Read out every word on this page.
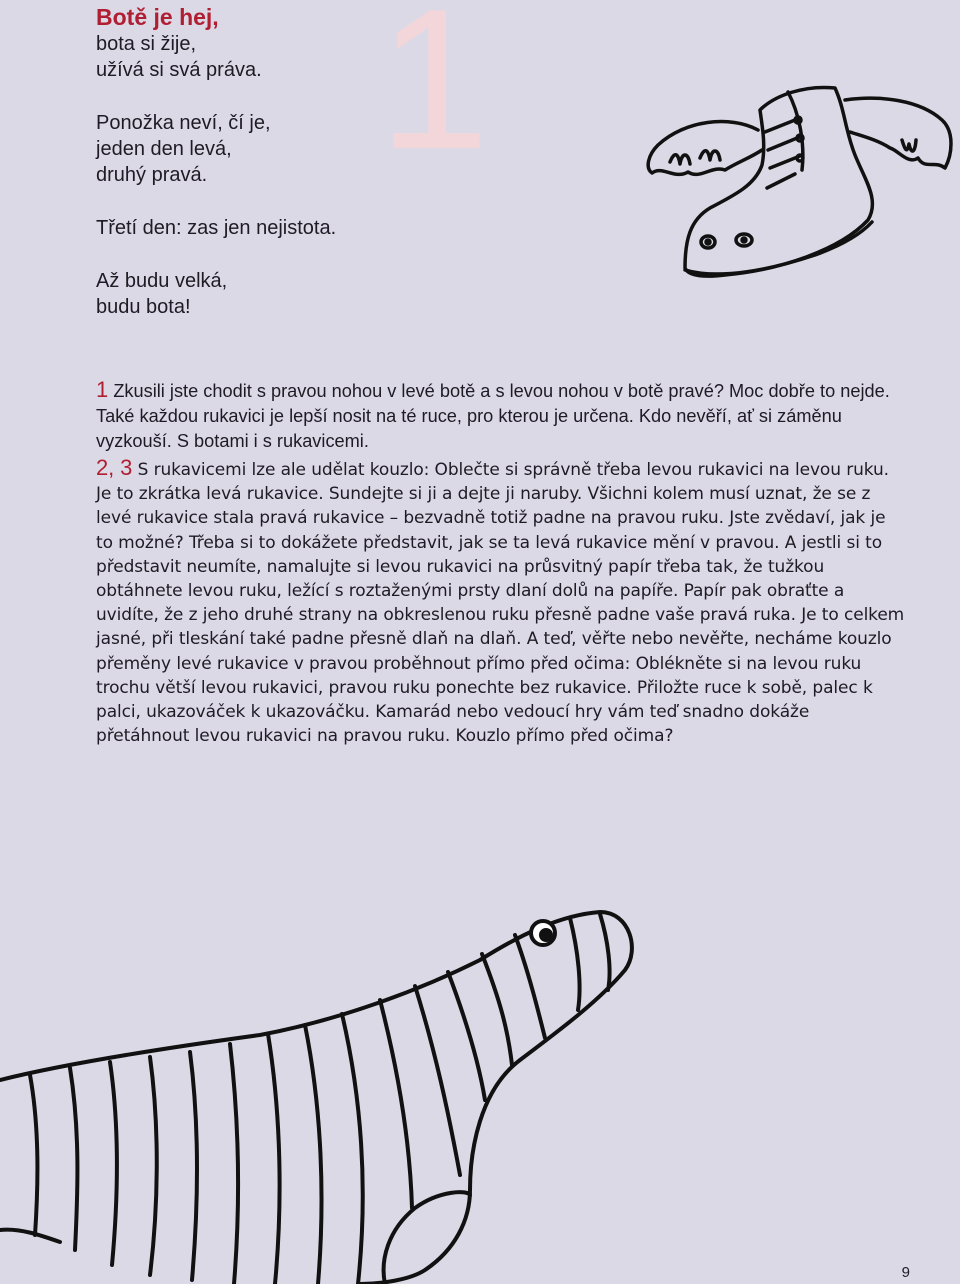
1
Botě je hej,
bota si žije,
užívá si svá práva.
Ponožka neví, čí je,
jeden den levá,
druhý pravá.
Třetí den: zas jen nejistota.
Až budu velká,
budu bota!
1 Zkusili jste chodit s pravou nohou v levé botě a s levou nohou v botě pravé? Moc dobře to nejde. Také každou rukavici je lepší nosit na té ruce, pro kterou je určena. Kdo nevěří, ať si záměnu vyzkouší. S botami i s rukavicemi.
2, 3 S rukavicemi lze ale udělat kouzlo: Oblečte si správně třeba levou rukavici na levou ruku. Je to zkrátka levá rukavice. Sundejte si ji a dejte ji naruby. Všichni kolem musí uznat, že se z levé rukavice stala pravá rukavice – bezvadně totiž padne na pravou ruku. Jste zvědaví, jak je to možné? Třeba si to dokážete představit, jak se ta levá rukavice mění v pravou. A jestli si to představit neumíte, namalujte si levou rukavici na průsvitný papír třeba tak, že tužkou obtáhnete levou ruku, ležící s roztaženými prsty dlaní dolů na papíře. Papír pak obraťte a uvidíte, že z jeho druhé strany na obkreslenou ruku přesně padne vaše pravá ruka. Je to celkem jasné, při tleskání také padne přesně dlaň na dlaň. A teď, věřte nebo nevěřte, necháme kouzlo přeměny levé rukavice v pravou proběhnout přímo před očima: Oblékněte si na levou ruku trochu větší levou rukavici, pravou ruku ponechte bez rukavice. Přiložte ruce k sobě, palec k palci, ukazováček k ukazováčku. Kamarád nebo vedoucí hry vám teď snadno dokáže přetáhnout levou rukavici na pravou ruku. Kouzlo přímo před očima?
9
